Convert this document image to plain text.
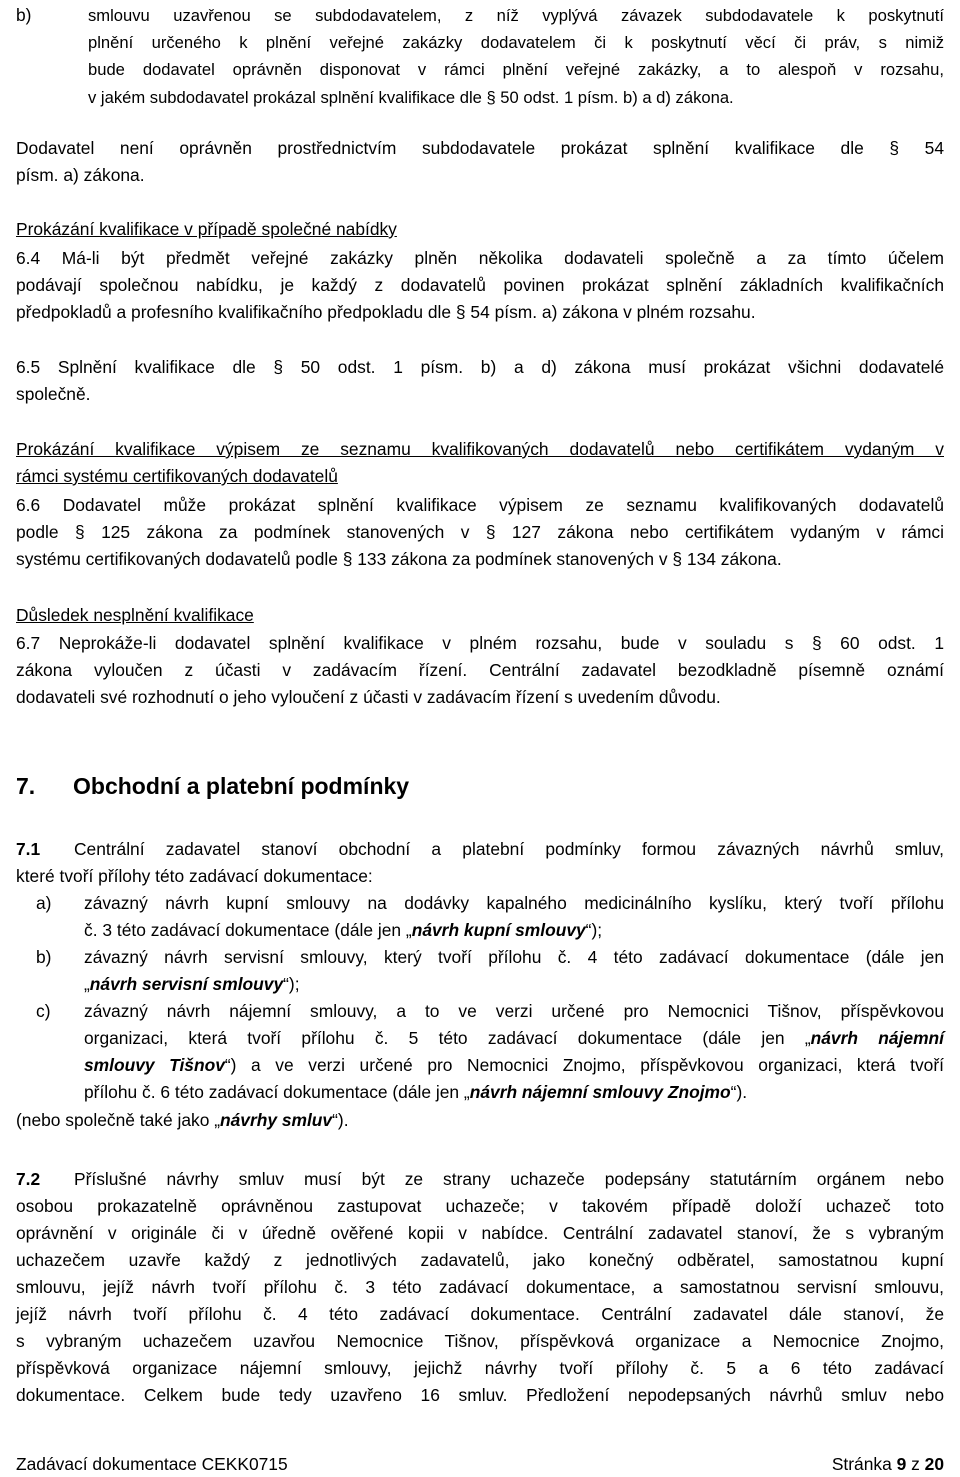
b)	smlouvu uzavřenou se subdodavatelem, z níž vyplývá závazek subdodavatele k poskytnutí
plnění určeného k plnění veřejné zakázky dodavatelem či k poskytnutí věcí či práv, s nimiž
bude dodavatel oprávněn disponovat v rámci plnění veřejné zakázky, a to alespoň v rozsahu,
v jakém subdodavatel prokázal splnění kvalifikace dle § 50 odst. 1 písm. b) a d) zákona.
Dodavatel není oprávněn prostřednictvím subdodavatele prokázat splnění kvalifikace dle § 54
písm. a) zákona.
Prokázání kvalifikace v případě společné nabídky
6.4 Má-li být předmět veřejné zakázky plněn několika dodavateli společně a za tímto účelem
podávají společnou nabídku, je každý z dodavatelů povinen prokázat splnění základních kvalifikačních
předpokladů a profesního kvalifikačního předpokladu dle § 54 písm. a) zákona v plném rozsahu.
6.5 Splnění kvalifikace dle § 50 odst. 1 písm. b) a d) zákona musí prokázat všichni dodavatelé
společně.
Prokázání kvalifikace výpisem ze seznamu kvalifikovaných dodavatelů nebo certifikátem vydaným v
rámci systému certifikovaných dodavatelů
6.6 Dodavatel může prokázat splnění kvalifikace výpisem ze seznamu kvalifikovaných dodavatelů
podle § 125 zákona za podmínek stanovených v § 127 zákona nebo certifikátem vydaným v rámci
systému certifikovaných dodavatelů podle § 133 zákona za podmínek stanovených v § 134 zákona.
Důsledek nesplnění kvalifikace
6.7 Neprokáže-li dodavatel splnění kvalifikace v plném rozsahu, bude v souladu s § 60 odst. 1
zákona vyloučen z účasti v zadávacím řízení. Centrální zadavatel bezodkladně písemně oznámí
dodavateli své rozhodnutí o jeho vyloučení z účasti v zadávacím řízení s uvedením důvodu.
7. Obchodní a platební podmínky
7.1	Centrální zadavatel stanoví obchodní a platební podmínky formou závazných návrhů smluv,
které tvoří přílohy této zadávací dokumentace:
a)	závazný návrh kupní smlouvy na dodávky kapalného medicinálního kyslíku, který tvoří přílohu
č. 3 této zadávací dokumentace (dále jen „návrh kupní smlouvy“);
b)	závazný návrh servisní smlouvy, který tvoří přílohu č. 4 této zadávací dokumentace (dále jen
„návrh servisní smlouvy“);
c)	závazný návrh nájemní smlouvy, a to ve verzi určené pro Nemocnici Tišnov, příspěvkovou
organizaci, která tvoří přílohu č. 5 této zadávací dokumentace (dále jen „návrh nájemní
smlouvy Tišnov“) a ve verzi určené pro Nemocnici Znojmo, příspěvkovou organizaci, která tvoří
přílohu č. 6 této zadávací dokumentace (dále jen „návrh nájemní smlouvy Znojmo“).
(nebo společně také jako „návrhy smluv“).
7.2	Příslušné návrhy smluv musí být ze strany uchazeče podepsány statutárním orgánem nebo
osobou prokazatelně oprávněnou zastupovat uchazeče; v takovém případě doloží uchazeč toto
oprávnění v originále či v úředně ověřené kopii v nabídce. Centrální zadavatel stanoví, že s vybraným
uchazečem uzavře každý z jednotlivých zadavatelů, jako konečný odběratel, samostatnou kupní
smlouvu, jejíž návrh tvoří přílohu č. 3 této zadávací dokumentace, a samostatnou servisní smlouvu,
jejíž návrh tvoří přílohu č. 4 této zadávací dokumentace. Centrální zadavatel dále stanoví, že
s vybraným uchazečem uzavřou Nemocnice Tišnov, příspěvková organizace a Nemocnice Znojmo,
příspěvková organizace nájemní smlouvy, jejichž návrhy tvoří přílohy č. 5 a 6 této zadávací
dokumentace. Celkem bude tedy uzavřeno 16 smluv. Předložení nepodepsaných návrhů smluv nebo
Zadávací dokumentace CEKK0715	Stránka 9 z 20
